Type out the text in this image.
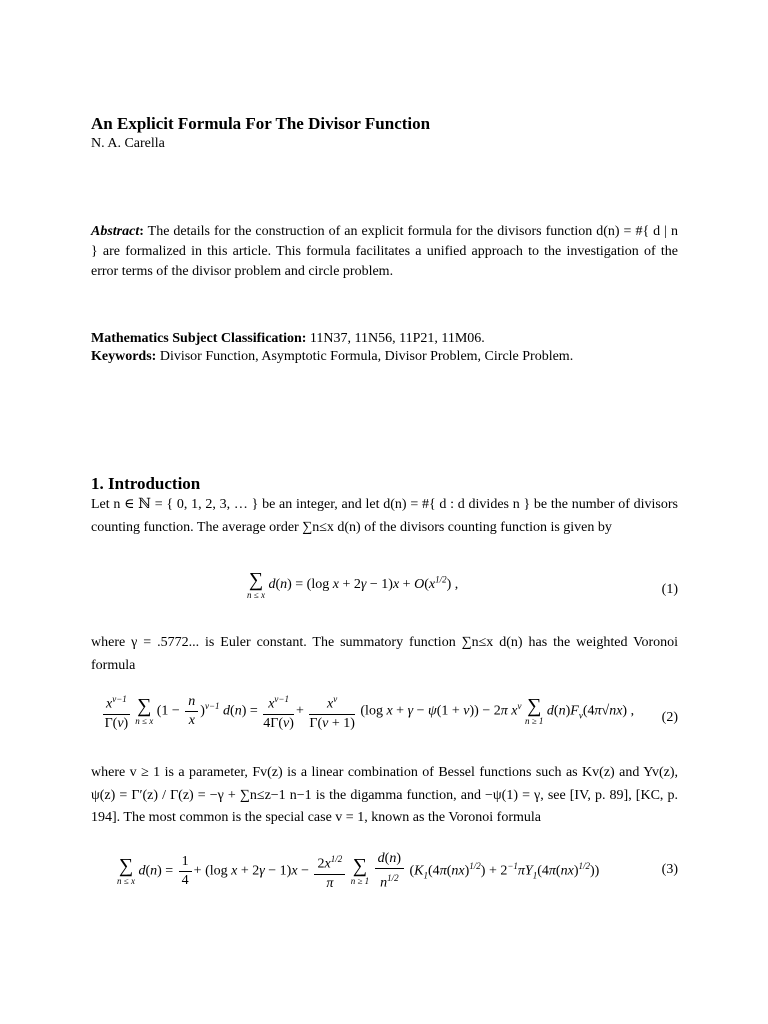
An Explicit Formula For The Divisor Function
N. A. Carella
Abstract: The details for the construction of an explicit formula for the divisors function d(n) = #{ d | n } are formalized in this article. This formula facilitates a unified approach to the investigation of the error terms of the divisor problem and circle problem.
Mathematics Subject Classification: 11N37, 11N56, 11P21, 11M06.
Keywords: Divisor Function, Asymptotic Formula, Divisor Problem, Circle Problem.
1. Introduction
Let n ∈ ℕ = { 0, 1, 2, 3, … } be an integer, and let d(n) = #{ d : d divides n } be the number of divisors counting function. The average order ∑n≤x d(n) of the divisors counting function is given by
∑
n ≤ x
d(n) = (log $x + 2\gamma - 1)x + O(x^{1/2})$ ,	(1)
where γ = .5772... is Euler constant. The summatory function ∑n≤x d(n) has the weighted Voronoi formula
$\frac{x^{v-1}}{\Gamma(v)}$
∑
n ≤ x
$(1 - \frac{n}{x} )^{v-1}$ $d(n) = \frac{x^{v-1}}{4\Gamma(v)} + \frac{x^v}{\Gamma(v + 1)} (\log$ x + γ − ψ(1 + v)) − 2π $x^v$ ∑
n ≥ 1
$d(n)F_v(4\pi√nx)$ , (2)
where v ≥ 1 is a parameter, Fv(z) is a linear combination of Bessel functions such as Kv(z) and Yv(z), ψ(z) = Γ′(z) / Γ(z) = −γ + ∑n≤z−1 n−1 is the digamma function, and −ψ(1) = γ, see [IV, p. 89], [KC, p. 194]. The most common is the special case v = 1, known as the Voronoi formula
∑
n ≤ x
$d(n) = \frac{1}{4} + (\log$ $x + 2\gamma - 1)x - \frac{2x^{1/2}}{\pi}$
∑
n ≥ 1
$\frac{d(n)}{n^{1/2}} (K_1(4\pi(nx)^{1/2}) + 2^{-1}\pi Y_1(4\pi(nx)^{1/2}))$	(3)
